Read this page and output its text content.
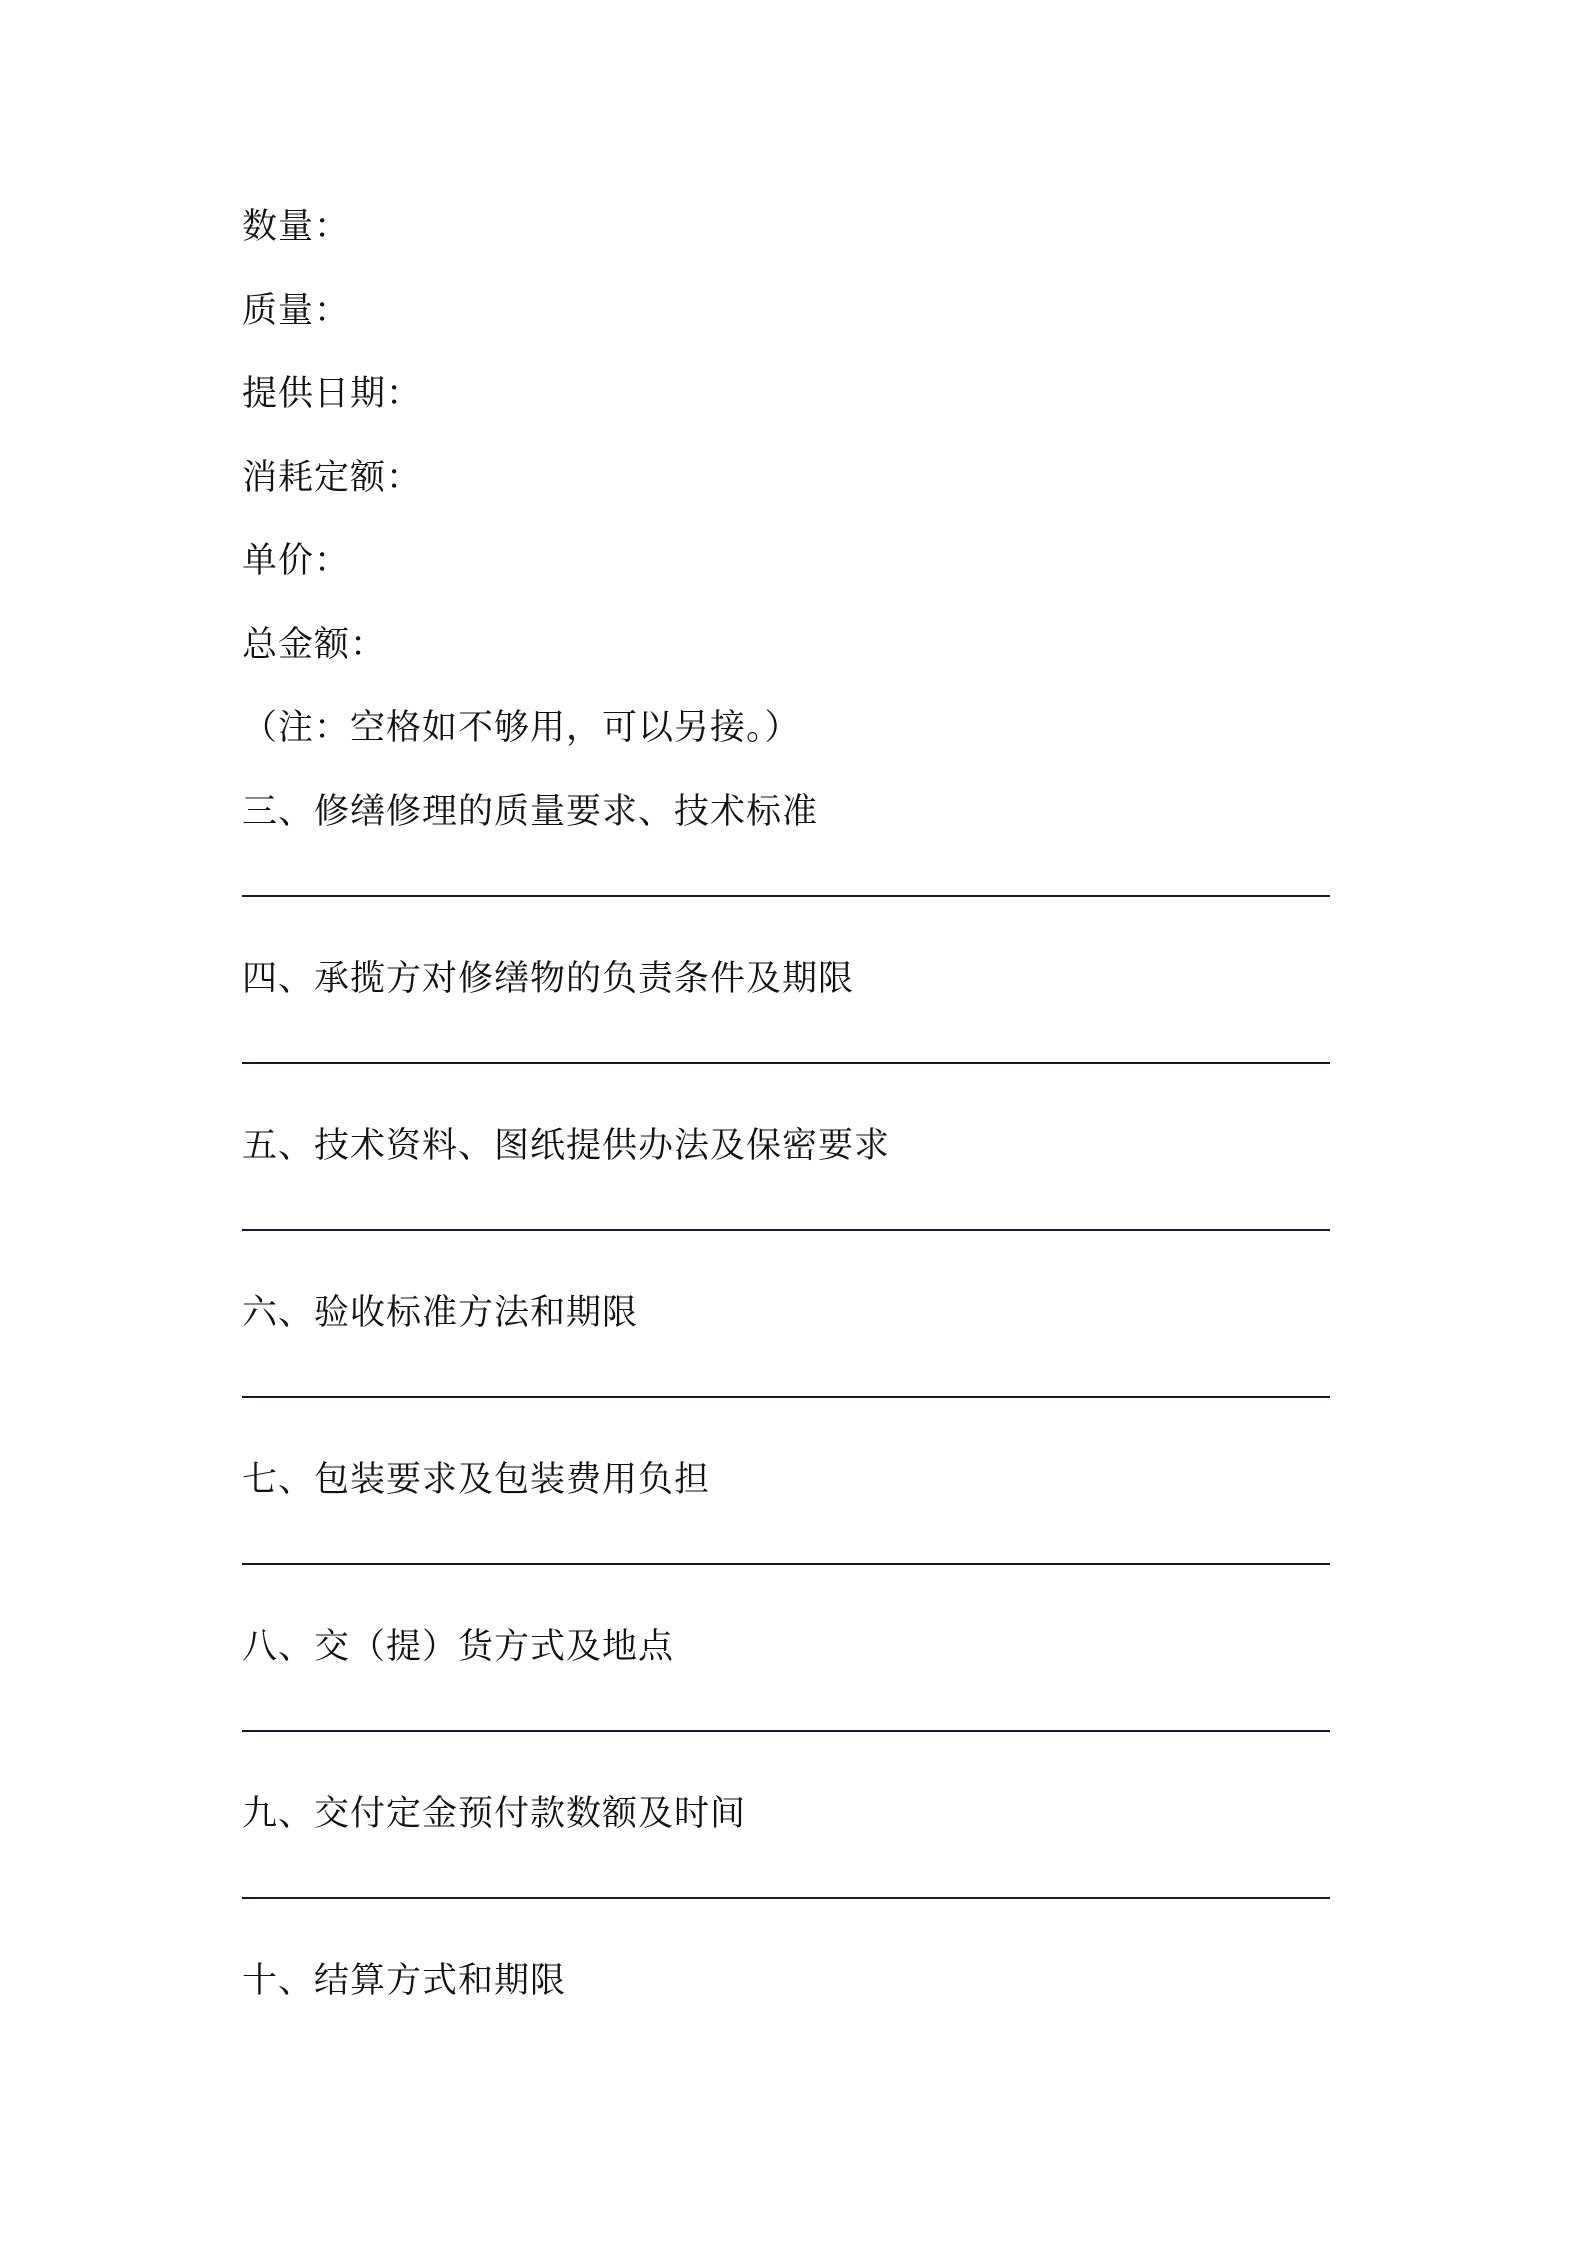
数量：
质量：
提供日期：
消耗定额：
单价：
总金额：
（注：空格如不够用，可以另接。）
三、修缮修理的质量要求、技术标准
四、承揽方对修缮物的负责条件及期限
五、技术资料、图纸提供办法及保密要求
六、验收标准方法和期限
七、包装要求及包装费用负担
八、交（提）货方式及地点
九、交付定金预付款数额及时间
十、结算方式和期限
